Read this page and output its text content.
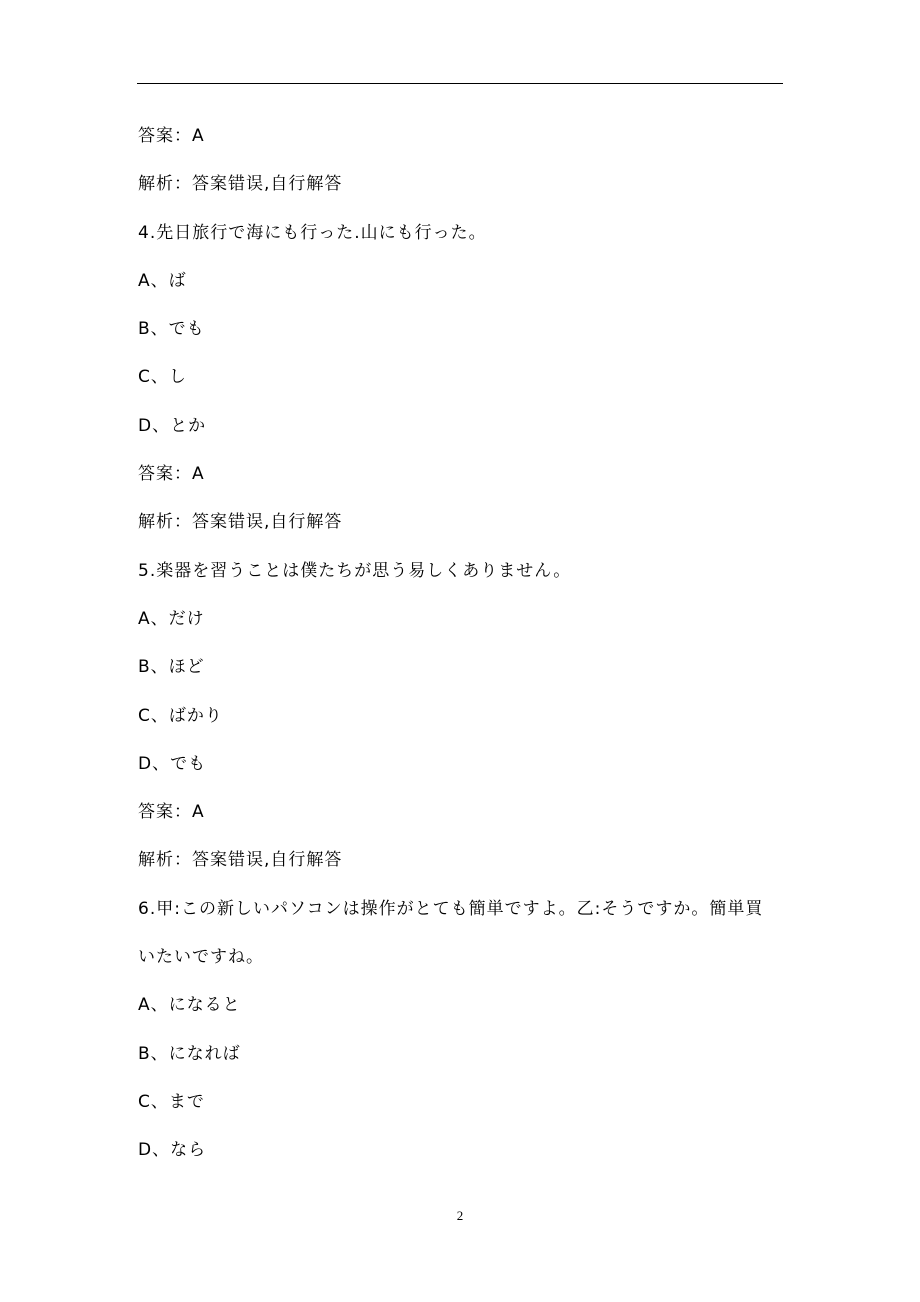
答案：A
解析：答案错误,自行解答
4.先日旅行で海にも行った.山にも行った。
A、ば
B、でも
C、し
D、とか
答案：A
解析：答案错误,自行解答
5.楽器を習うことは僕たちが思う易しくありません。
A、だけ
B、ほど
C、ばかり
D、でも
答案：A
解析：答案错误,自行解答
6.甲:この新しいパソコンは操作がとても簡単ですよ。乙:そうですか。簡単買
いたいですね。
A、になると
B、になれば
C、まで
D、なら
2
